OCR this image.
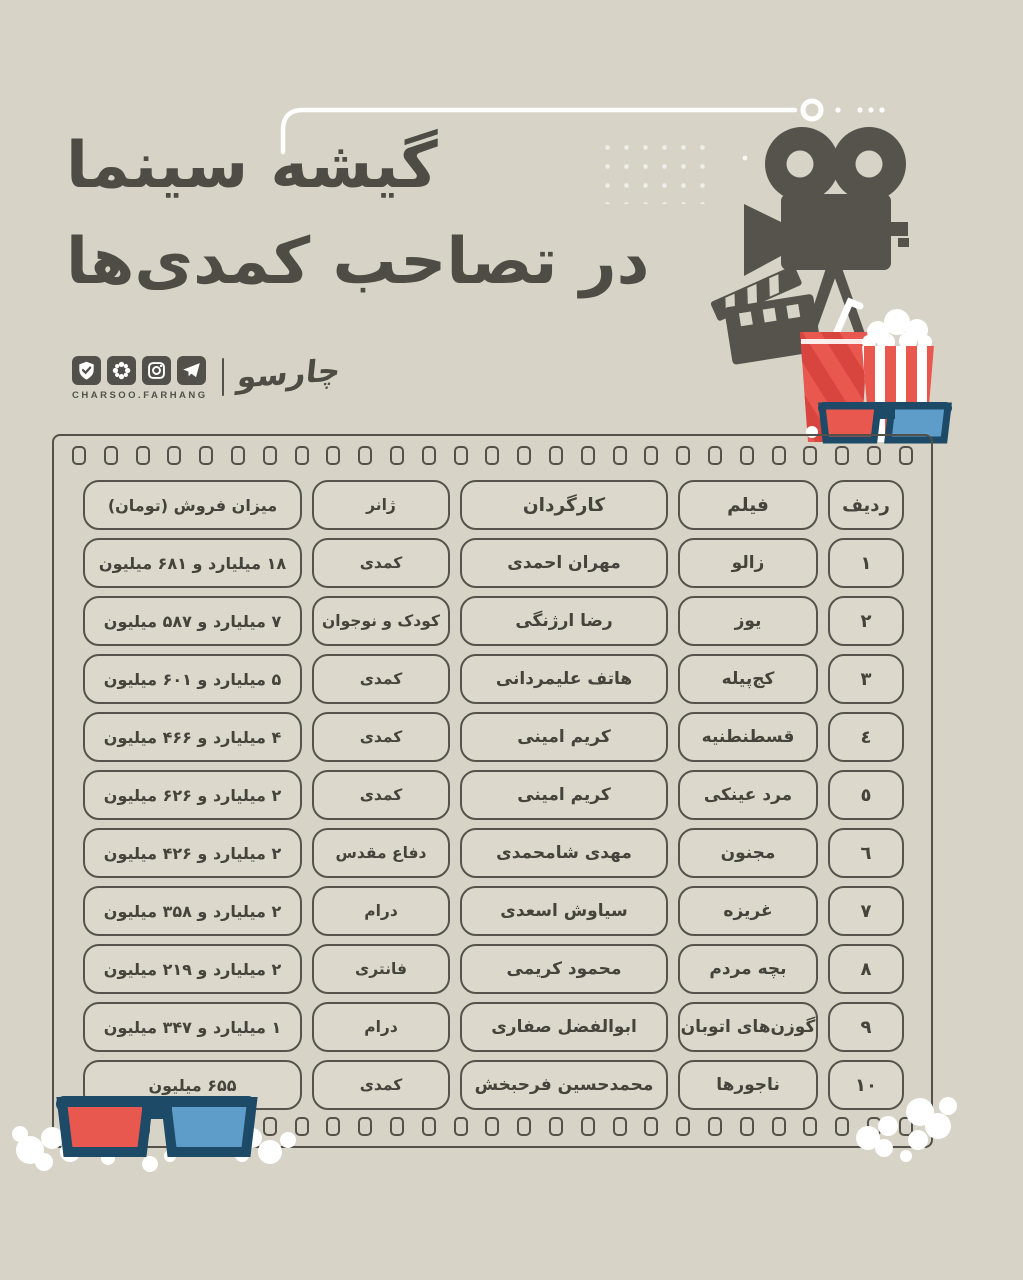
گیشه سینما
در تصاحب کمدی‌ها
CHARSOO.FARHANG چارسو
ردیف
فیلم
کارگردان
ژانر
میزان فروش (تومان)
۱
زالو
مهران احمدی
کمدی
۱۸ میلیارد و ۶۸۱ میلیون
۲
یوز
رضا ارژنگی
کودک و نوجوان
۷ میلیارد و ۵۸۷ میلیون
۳
کج‌پیله
هاتف علیمردانی
کمدی
۵ میلیارد و ۶۰۱ میلیون
٤
قسطنطنیه
کریم امینی
کمدی
۴ میلیارد و ۴۶۶ میلیون
٥
مرد عینکی
کریم امینی
کمدی
۲ میلیارد و ۶۲۶ میلیون
٦
مجنون
مهدی شامحمدی
دفاع مقدس
۲ میلیارد و ۴۲۶ میلیون
۷
غریزه
سیاوش اسعدی
درام
۲ میلیارد و ۳۵۸ میلیون
۸
بچه مردم
محمود کریمی
فانتری
۲ میلیارد و ۲۱۹ میلیون
۹
گوزن‌های اتوبان
ابوالفضل صفاری
درام
۱ میلیارد و ۳۴۷ میلیون
۱۰
ناجورها
محمدحسین فرحبخش
کمدی
۶۵۵ میلیون
